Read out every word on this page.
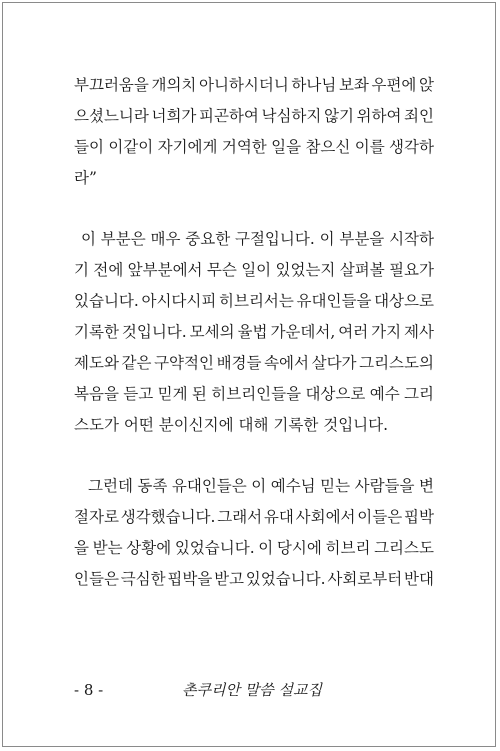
부끄러움을 개의치 아니하시더니 하나님 보좌 우편에 앉
으셨느니라 너희가 피곤하여 낙심하지 않기 위하여 죄인
들이 이같이 자기에게 거역한 일을 참으신 이를 생각하
라”
이 부분은 매우 중요한 구절입니다. 이 부분을 시작하
기 전에 앞부분에서 무슨 일이 있었는지 살펴볼 필요가
있습니다. 아시다시피 히브리서는 유대인들을 대상으로
기록한 것입니다. 모세의 율법 가운데서, 여러 가지 제사
제도와 같은 구약적인 배경들 속에서 살다가 그리스도의
복음을 듣고 믿게 된 히브리인들을 대상으로 예수 그리
스도가 어떤 분이신지에 대해 기록한 것입니다.
그런데 동족 유대인들은 이 예수님 믿는 사람들을 변
절자로 생각했습니다. 그래서 유대 사회에서 이들은 핍박
을 받는 상황에 있었습니다. 이 당시에 히브리 그리스도
인들은 극심한 핍박을 받고 있었습니다. 사회로부터 반대
- 8 -	촌쿠리안 말씀 설교집
